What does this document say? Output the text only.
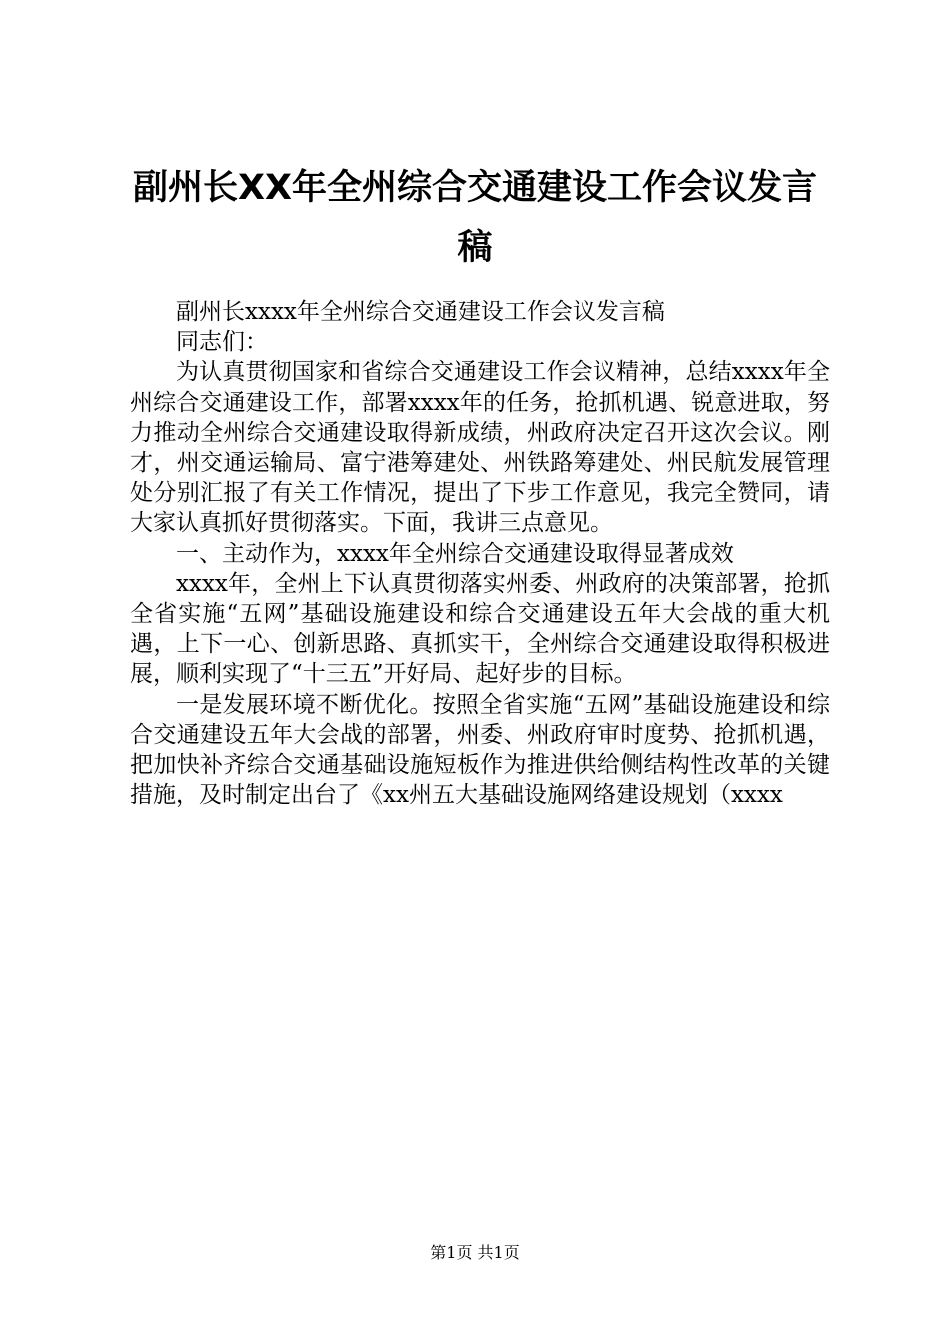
副州长XX年全州综合交通建设工作会议发言稿

副州长xxxx年全州综合交通建设工作会议发言稿

同志们：

为认真贯彻国家和省综合交通建设工作会议精神，总结xxxx年全州综合交通建设工作，部署xxxx年的任务，抢抓机遇、锐意进取，努力推动全州综合交通建设取得新成绩，州政府决定召开这次会议。刚才，州交通运输局、富宁港筹建处、州铁路筹建处、州民航发展管理处分别汇报了有关工作情况，提出了下步工作意见，我完全赞同，请大家认真抓好贯彻落实。下面，我讲三点意见。

一、主动作为，xxxx年全州综合交通建设取得显著成效

xxxx年，全州上下认真贯彻落实州委、州政府的决策部署，抢抓全省实施“五网”基础设施建设和综合交通建设五年大会战的重大机遇，上下一心、创新思路、真抓实干，全州综合交通建设取得积极进展，顺利实现了“十三五”开好局、起好步的目标。

一是发展环境不断优化。按照全省实施“五网”基础设施建设和综合交通建设五年大会战的部署，州委、州政府审时度势、抢抓机遇，把加快补齐综合交通基础设施短板作为推进供给侧结构性改革的关键措施，及时制定出台了《xx州五大基础设施网络建设规划（xxxx

第1页 共1页
